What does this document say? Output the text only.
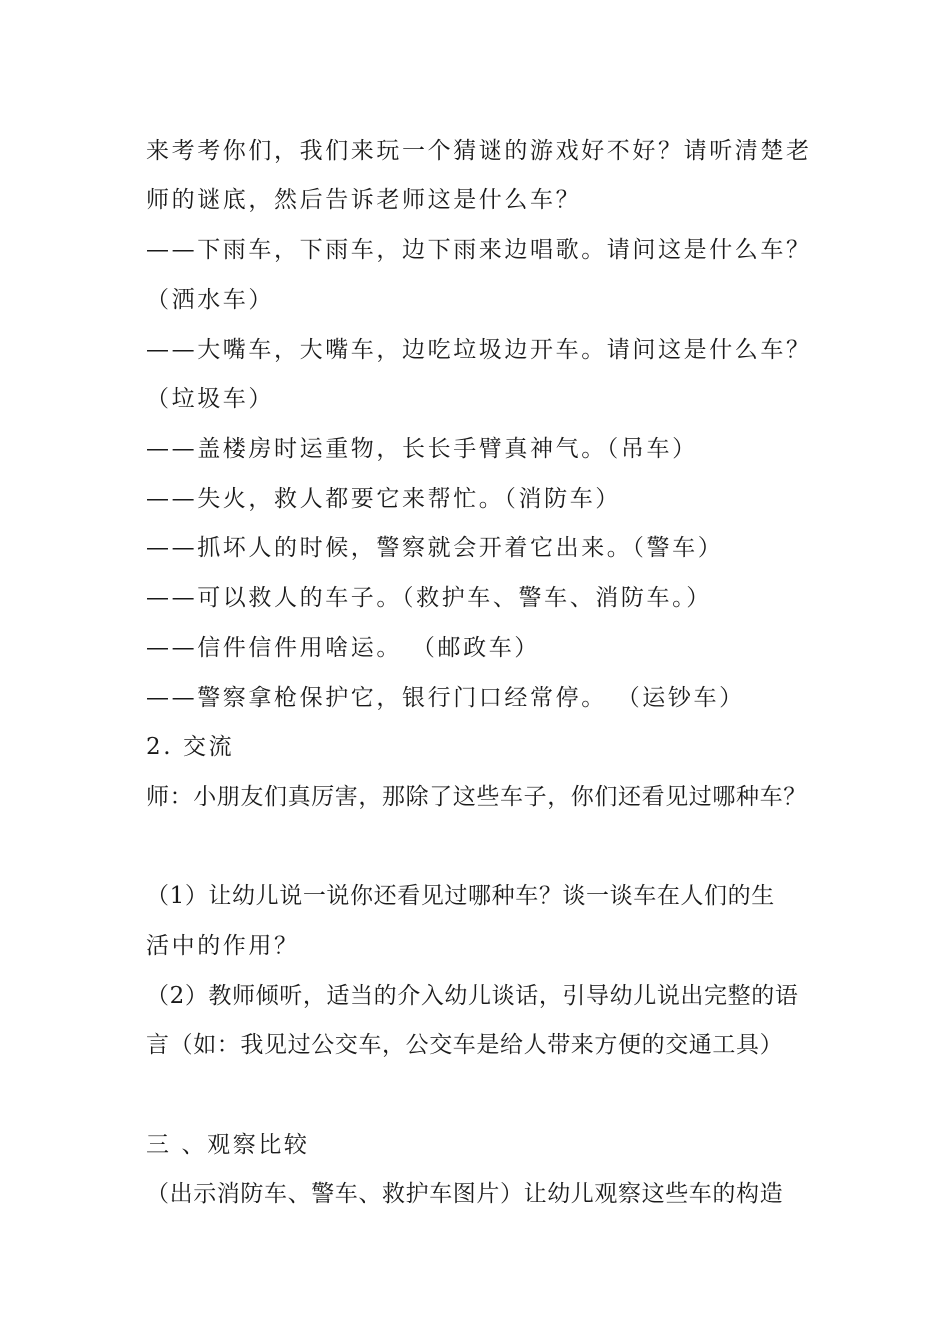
来考考你们，我们来玩一个猜谜的游戏好不好？请听清楚老
师的谜底，然后告诉老师这是什么车？
——下雨车，下雨车，边下雨来边唱歌。请问这是什么车？
（洒水车）
——大嘴车，大嘴车，边吃垃圾边开车。请问这是什么车？
（垃圾车）
——盖楼房时运重物，长长手臂真神气。（吊车）
——失火，救人都要它来帮忙。（消防车）
——抓坏人的时候，警察就会开着它出来。（警车）
——可以救人的车子。（救护车、警车、消防车。）
——信件信件用啥运。 （邮政车）
——警察拿枪保护它，银行门口经常停。 （运钞车）
2. 交流
师：小朋友们真厉害，那除了这些车子，你们还看见过哪种车？
（1）让幼儿说一说你还看见过哪种车？谈一谈车在人们的生
活中的作用？
（2）教师倾听，适当的介入幼儿谈话，引导幼儿说出完整的语
言（如：我见过公交车，公交车是给人带来方便的交通工具）
三 、观察比较
（出示消防车、警车、救护车图片）让幼儿观察这些车的构造
